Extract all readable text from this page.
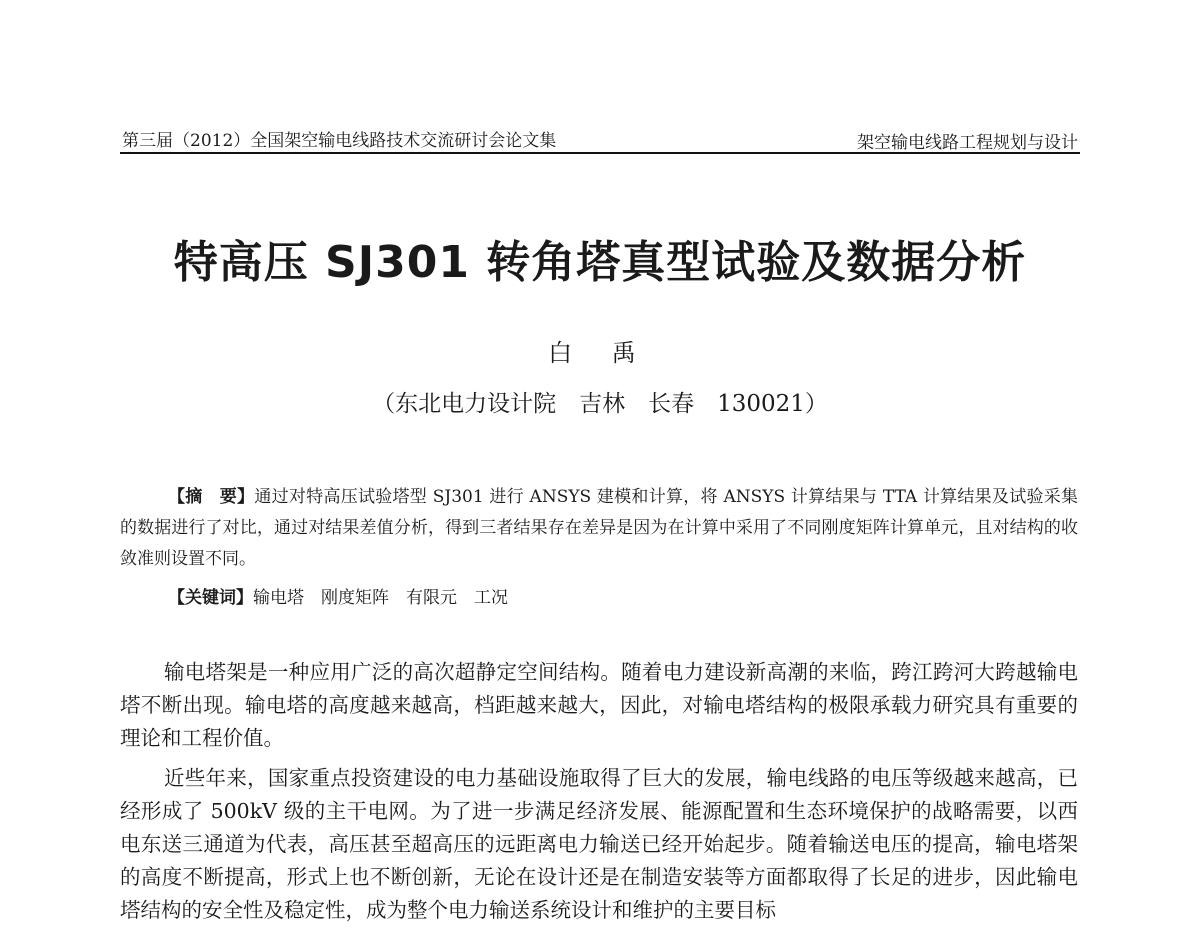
第三届（2012）全国架空输电线路技术交流研讨会论文集	架空输电线路工程规划与设计
特高压 SJ301 转角塔真型试验及数据分析
白 禹
（东北电力设计院　吉林　长春　130021）
【摘　要】通过对特高压试验塔型 SJ301 进行 ANSYS 建模和计算，将 ANSYS 计算结果与 TTA 计算结果及试验采集的数据进行了对比，通过对结果差值分析，得到三者结果存在差异是因为在计算中采用了不同刚度矩阵计算单元，且对结构的收敛准则设置不同。
【关键词】输电塔　刚度矩阵　有限元　工况

输电塔架是一种应用广泛的高次超静定空间结构。随着电力建设新高潮的来临，跨江跨河大跨越输电塔不断出现。输电塔的高度越来越高，档距越来越大，因此，对输电塔结构的极限承载力研究具有重要的理论和工程价值。

近些年来，国家重点投资建设的电力基础设施取得了巨大的发展，输电线路的电压等级越来越高，已经形成了 500kV 级的主干电网。为了进一步满足经济发展、能源配置和生态环境保护的战略需要，以西电东送三通道为代表，高压甚至超高压的远距离电力输送已经开始起步。随着输送电压的提高，输电塔架的高度不断提高，形式上也不断创新，无论在设计还是在制造安装等方面都取得了长足的进步，因此输电塔结构的安全性及稳定性，成为整个电力输送系统设计和维护的主要目标
